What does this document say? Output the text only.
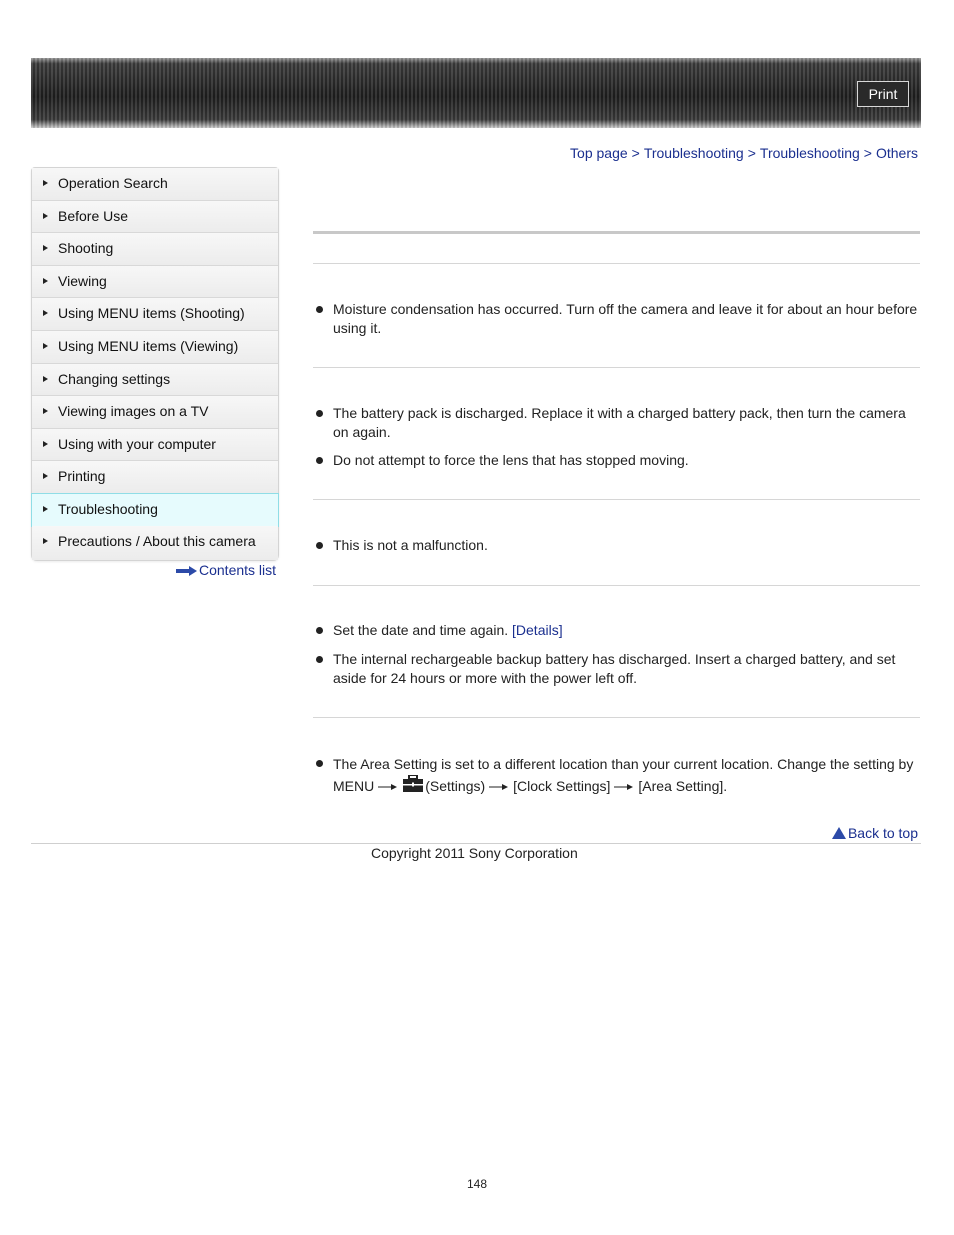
Print
Top page > Troubleshooting > Troubleshooting > Others
Operation Search
Before Use
Shooting
Viewing
Using MENU items (Shooting)
Using MENU items (Viewing)
Changing settings
Viewing images on a TV
Using with your computer
Printing
Troubleshooting
Precautions / About this camera
Contents list
Moisture condensation has occurred. Turn off the camera and leave it for about an hour before using it.
The battery pack is discharged. Replace it with a charged battery pack, then turn the camera on again.
Do not attempt to force the lens that has stopped moving.
This is not a malfunction.
Set the date and time again. [Details]
The internal rechargeable backup battery has discharged. Insert a charged battery, and set aside for 24 hours or more with the power left off.
The Area Setting is set to a different location than your current location. Change the setting by MENU	(Settings) [Clock Settings] [Area Setting].
Back to top
Copyright 2011 Sony Corporation
148
